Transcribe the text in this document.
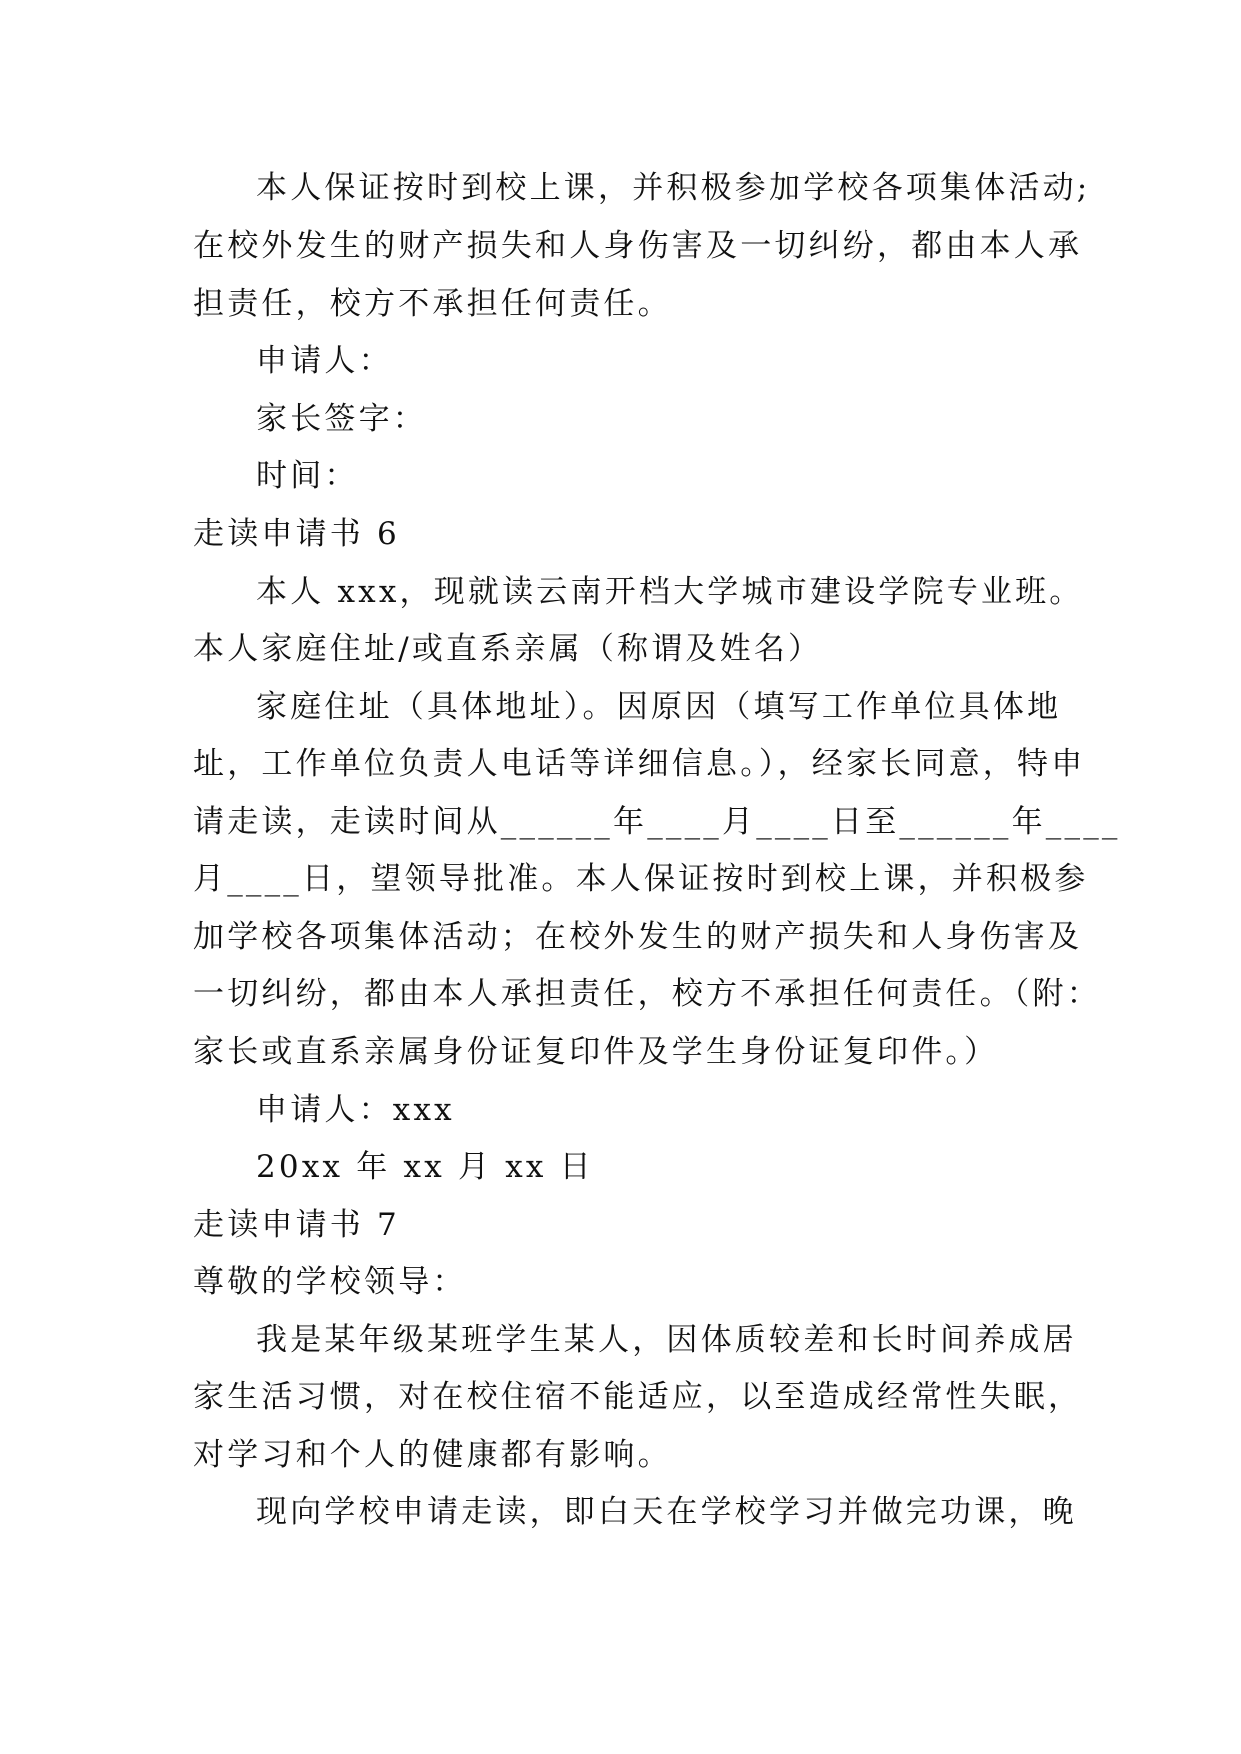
本人保证按时到校上课，并积极参加学校各项集体活动;
在校外发生的财产损失和人身伤害及一切纠纷，都由本人承
担责任，校方不承担任何责任。
申请人：
家长签字：
时间：
走读申请书 6
本人 xxx，现就读云南开档大学城市建设学院专业班。
本人家庭住址/或直系亲属（称谓及姓名）
家庭住址（具体地址）。因原因（填写工作单位具体地
址，工作单位负责人电话等详细信息。），经家长同意，特申
请走读，走读时间从______年____月____日至______年____
月____日，望领导批准。本人保证按时到校上课，并积极参
加学校各项集体活动；在校外发生的财产损失和人身伤害及
一切纠纷，都由本人承担责任，校方不承担任何责任。（附：
家长或直系亲属身份证复印件及学生身份证复印件。）
申请人：xxx
20xx 年 xx 月 xx 日
走读申请书 7
尊敬的学校领导：
我是某年级某班学生某人，因体质较差和长时间养成居
家生活习惯，对在校住宿不能适应，以至造成经常性失眠，
对学习和个人的健康都有影响。
现向学校申请走读，即白天在学校学习并做完功课，晚
